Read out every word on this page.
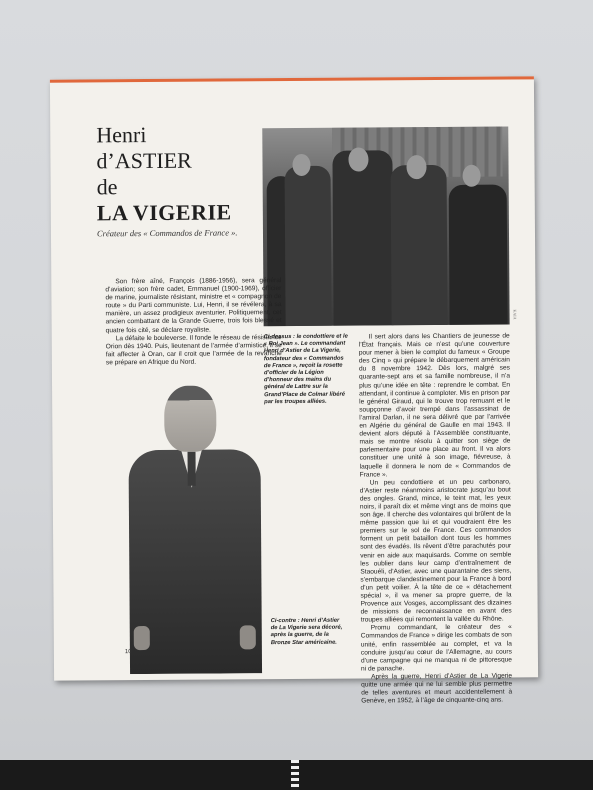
Henri
d’ASTIER
de
LA VIGERIE
Créateur des « Commandos de France ».
KAIA

Son frère aîné, François (1886-1956), sera général d’aviation; son frère cadet, Emmanuel (1900-1969), officier de marine, journaliste résistant, ministre et « compagnon de route » du Parti communiste. Lui, Henri, il se révélera, à sa manière, un assez prodigieux aventurier. Politiquement, cet ancien combattant de la Grande Guerre, trois fois blessé et quatre fois cité, se déclare royaliste.

La défaite le bouleverse. Il fonde le réseau de résistance Orion dès 1940. Puis, lieutenant de l’armée d’armistice, il se fait affecter à Oran, car il croit que l’armée de la revanche se prépare en Afrique du Nord.

Ci-dessus : le condottiere et le « Roi Jean ». Le commandant Henri d’Astier de La Vigerie, fondateur des « Commandos de France », reçoit la rosette d’officier de la Légion d’honneur des mains du général de Lattre sur la Grand’Place de Colmar libéré par les troupes alliées.

Il sert alors dans les Chantiers de jeunesse de l’État français. Mais ce n’est qu’une couverture pour mener à bien le complot du fameux « Groupe des Cinq » qui prépare le débarquement américain du 8 novembre 1942. Dès lors, malgré ses quarante-sept ans et sa famille nombreuse, il n’a plus qu’une idée en tête : reprendre le combat. En attendant, il continue à comploter. Mis en prison par le général Giraud, qui le trouve trop remuant et le soupçonne d’avoir trempé dans l’assassinat de l’amiral Darlan, il ne sera délivré que par l’arrivée en Algérie du général de Gaulle en mai 1943. Il devient alors député à l’Assemblée constituante, mais se montre résolu à quitter son siège de parlementaire pour une place au front. Il va alors constituer une unité à son image, fiévreuse, à laquelle il donnera le nom de « Commandos de France ».

Un peu condottiere et un peu carbonaro, d’Astier reste néanmoins aristocrate jusqu’au bout des ongles. Grand, mince, le teint mat, les yeux noirs, il paraît dix et même vingt ans de moins que son âge. Il cherche des volontaires qui brûlent de la même passion que lui et qui voudraient être les premiers sur le sol de France. Ces commandos forment un petit bataillon dont tous les hommes sont des évadés. Ils rêvent d’être parachutés pour venir en aide aux maquisards. Comme on semble les oublier dans leur camp d’entraînement de Staouéli, d’Astier, avec une quarantaine des siens, s’embarque clandestinement pour la France à bord d’un petit voilier. À la tête de ce « détachement spécial », il va mener sa propre guerre, de la Provence aux Vosges, accomplissant des dizaines de missions de reconnaissance en avant des troupes alliées qui remontent la vallée du Rhône.

Promu commandant, le créateur des « Commandos de France » dirige les combats de son unité, enfin rassemblée au complet, et va la conduire jusqu’au cœur de l’Allemagne, au cours d’une campagne qui ne manqua ni de pittoresque ni de panache.

Après la guerre, Henri d’Astier de La Vigerie quitte une armée qui ne lui semble plus permettre de telles aventures et meurt accidentellement à Genève, en 1952, à l’âge de cinquante-cinq ans.

Ci-contre : Henri d’Astier de La Vigerie sera décoré, après la guerre, de la Bronze Star américaine.
10
